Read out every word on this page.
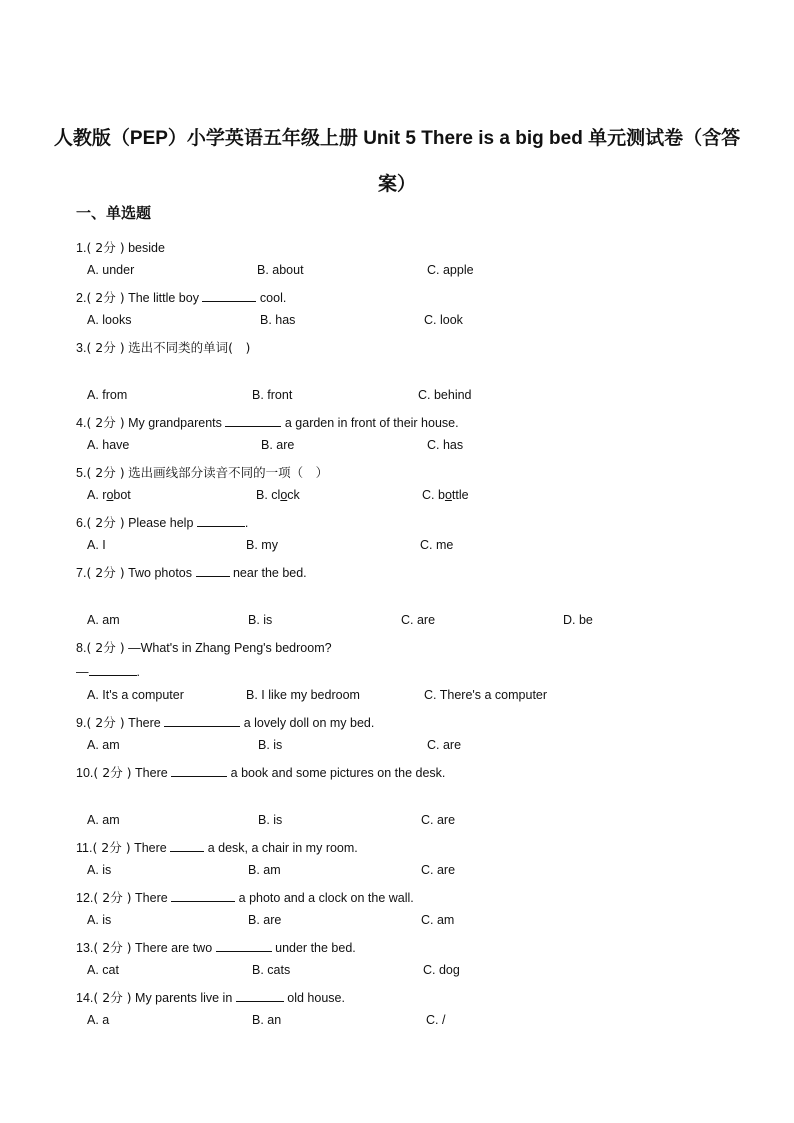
人教版（PEP）小学英语五年级上册 Unit 5 There is a big bed 单元测试卷（含答
案）
一、单选题
1.( 2分 ) beside
A. under	B. about	C. apple
2.( 2分 ) The little boy	cool.
A. looks	B. has	C. look
3.( 2分 ) 选出不同类的单词(　)
A. from	B. front	C. behind
4.( 2分 ) My grandparents	a garden in front of their house.
A. have	B. are	C. has
5.( 2分 ) 选出画线部分读音不同的一项（　）
A. robot	B. clock	C. bottle
6.( 2分 ) Please help	.
A. I	B. my	C. me
7.( 2分 ) Two photos	near the bed.
A. am	B. is	C. are	D. be
8.( 2分 ) —What's in Zhang Peng's bedroom?
—	.
A. It's a computer	B. I like my bedroom	C. There's a computer
9.( 2分 ) There	a lovely doll on my bed.
A. am	B. is	C. are
10.( 2分 ) There	a book and some pictures on the desk.
A. am	B. is	C. are
11.( 2分 ) There	a desk, a chair in my room.
A. is	B. am	C. are
12.( 2分 ) There	a photo and a clock on the wall.
A. is	B. are	C. am
13.( 2分 ) There are two	under the bed.
A. cat	B. cats	C. dog
14.( 2分 ) My parents live in	old house.
A. a	B. an	C. /
